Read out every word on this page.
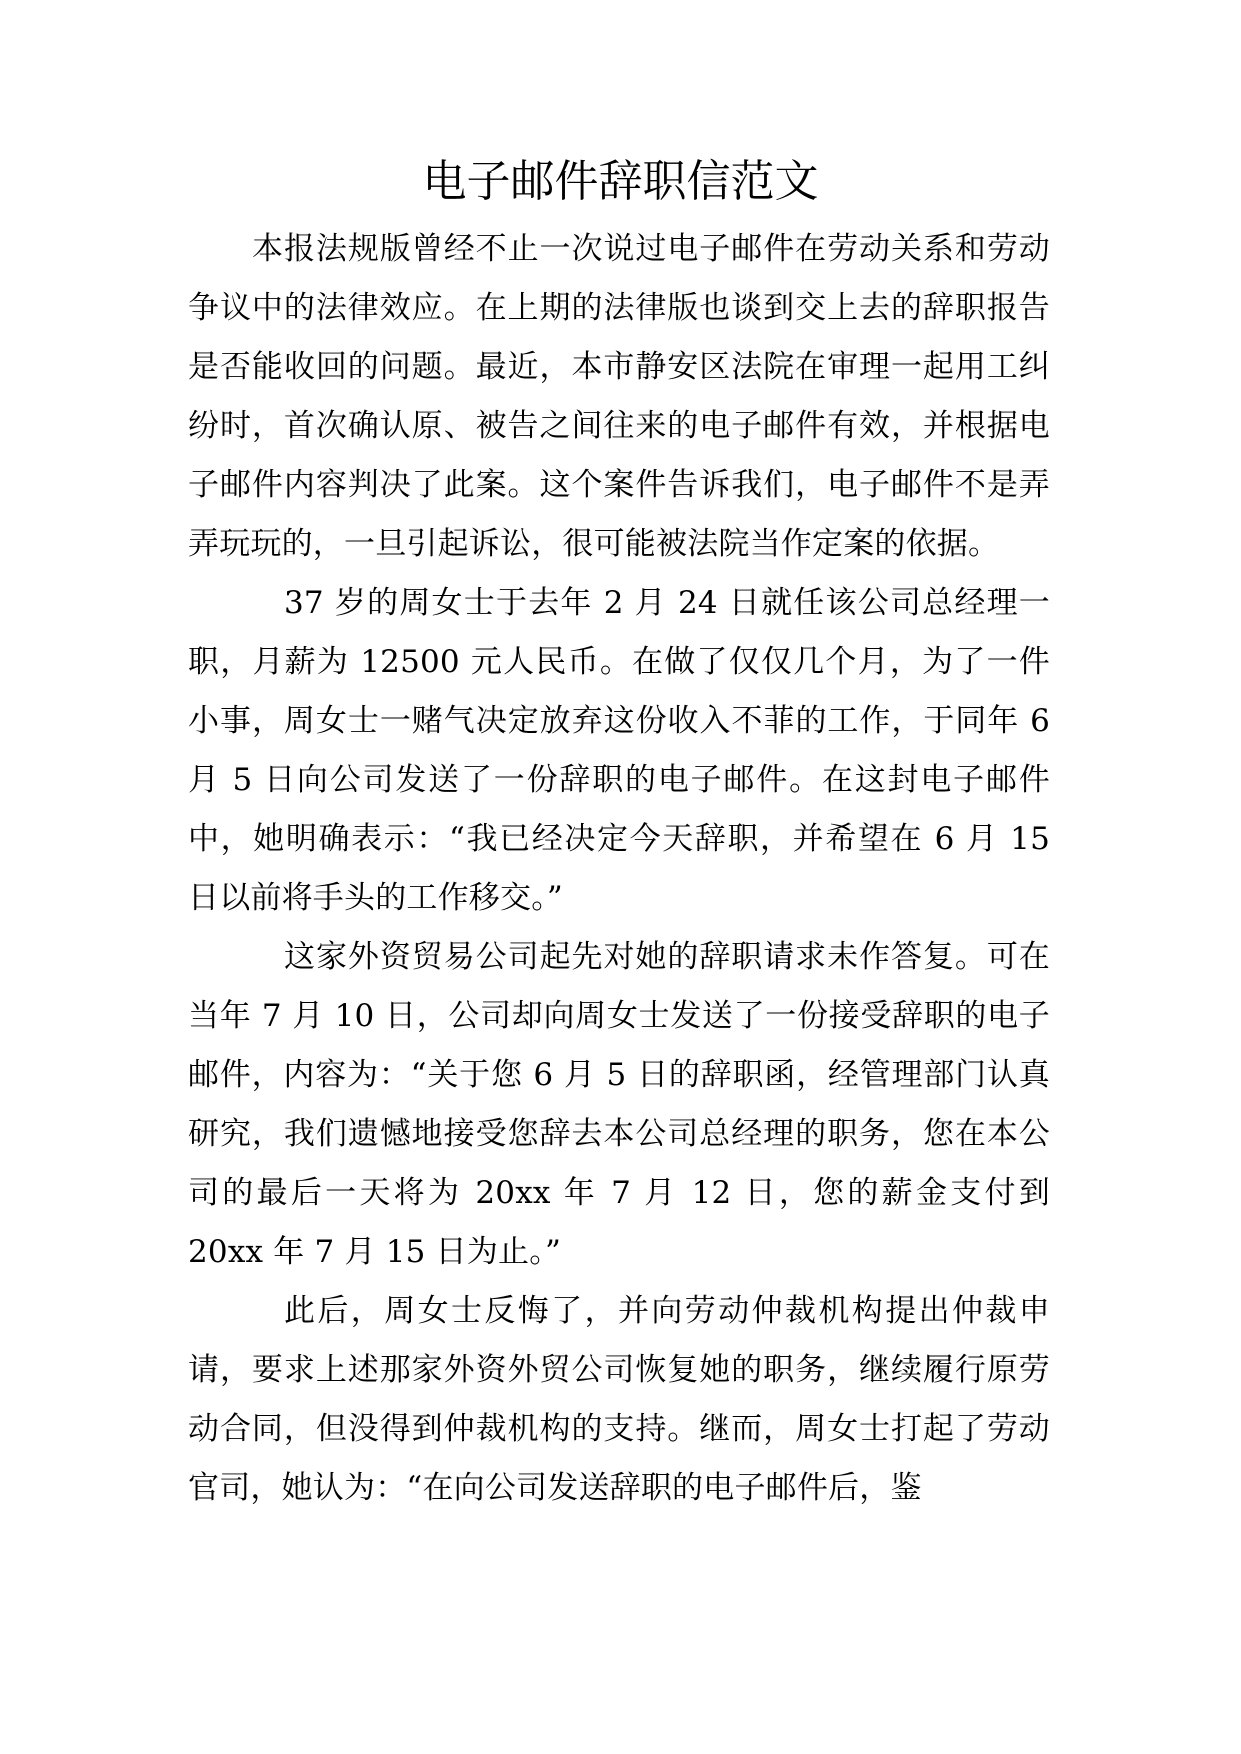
电子邮件辞职信范文

本报法规版曾经不止一次说过电子邮件在劳动关系和劳动争议中的法律效应。在上期的法律版也谈到交上去的辞职报告是否能收回的问题。最近，本市静安区法院在审理一起用工纠纷时，首次确认原、被告之间往来的电子邮件有效，并根据电子邮件内容判决了此案。这个案件告诉我们，电子邮件不是弄弄玩玩的，一旦引起诉讼，很可能被法院当作定案的依据。

37 岁的周女士于去年 2 月 24 日就任该公司总经理一职，月薪为 12500 元人民币。在做了仅仅几个月，为了一件小事，周女士一赌气决定放弃这份收入不菲的工作，于同年 6 月 5 日向公司发送了一份辞职的电子邮件。在这封电子邮件中，她明确表示：“我已经决定今天辞职，并希望在 6 月 15 日以前将手头的工作移交。”

这家外资贸易公司起先对她的辞职请求未作答复。可在当年 7 月 10 日，公司却向周女士发送了一份接受辞职的电子邮件，内容为：“关于您 6 月 5 日的辞职函，经管理部门认真研究，我们遗憾地接受您辞去本公司总经理的职务，您在本公司的最后一天将为 20xx 年 7 月 12 日，您的薪金支付到 20xx 年 7 月 15 日为止。”

此后，周女士反悔了，并向劳动仲裁机构提出仲裁申请，要求上述那家外资外贸公司恢复她的职务，继续履行原劳动合同，但没得到仲裁机构的支持。继而，周女士打起了劳动官司，她认为：“在向公司发送辞职的电子邮件后，鉴
